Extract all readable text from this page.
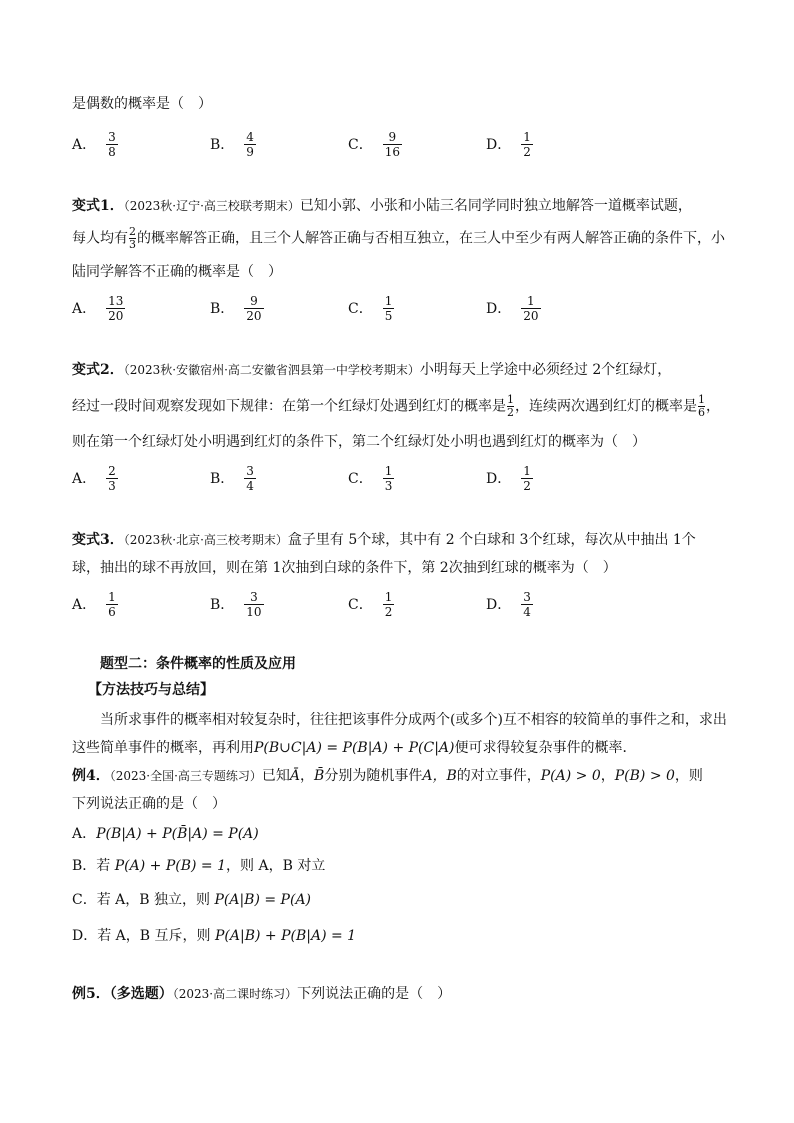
是偶数的概率是（　）
A． $\frac{3}{8}$	B． $\frac{4}{9}$	C． $\frac{9}{16}$	D． $\frac{1}{2}$
变式1．（2023秋·辽宁·高三校联考期末）已知小郭、小张和小陆三名同学同时独立地解答一道概率试题，
每人均有 $\frac{2}{3}$ 的概率解答正确，且三个人解答正确与否相互独立，在三人中至少有两人解答正确的条件下，小
陆同学解答不正确的概率是（　）
A． $\frac{13}{20}$	B． $\frac{9}{20}$	C． $\frac{1}{5}$	D． $\frac{1}{20}$
变式2．（2023秋·安徽宿州·高二安徽省泗县第一中学校考期末）小明每天上学途中必须经过 2个红绿灯，
经过一段时间观察发现如下规律：在第一个红绿灯处遇到红灯的概率是 $\frac{1}{2}$ ，连续两次遇到红灯的概率是 $\frac{1}{6}$ ，
则在第一个红绿灯处小明遇到红灯的条件下，第二个红绿灯处小明也遇到红灯的概率为（　）
A． $\frac{2}{3}$	B． $\frac{3}{4}$	C． $\frac{1}{3}$	D． $\frac{1}{2}$
变式3．（2023秋·北京·高三校考期末）盒子里有 5个球，其中有 2 个白球和 3个红球，每次从中抽出 1个
球，抽出的球不再放回，则在第 1次抽到白球的条件下，第 2次抽到红球的概率为（　）
A． $\frac{1}{6}$	B． $\frac{3}{10}$	C． $\frac{1}{2}$	D． $\frac{3}{4}$
题型二：条件概率的性质及应用
【方法技巧与总结】
当所求事件的概率相对较复杂时，往往把该事件分成两个(或多个)互不相容的较简单的事件之和，求出
这些简单事件的概率，再利用P(B∪C|A) = P(B|A) + P(C|A)便可求得较复杂事件的概率．
例4．（2023·全国·高三专题练习）已知Ā，B̄分别为随机事件A，B的对立事件，P(A) > 0，P(B) > 0，则
下列说法正确的是（　）
A．P(B|A) + P(B̄|A) = P(A)
B．若 P(A) + P(B) = 1，则 A，B 对立
C．若 A，B 独立，则 P(A|B) = P(A)
D．若 A，B 互斥，则 P(A|B) + P(B|A) = 1
例5．（多选题）（2023·高二课时练习）下列说法正确的是（　）
